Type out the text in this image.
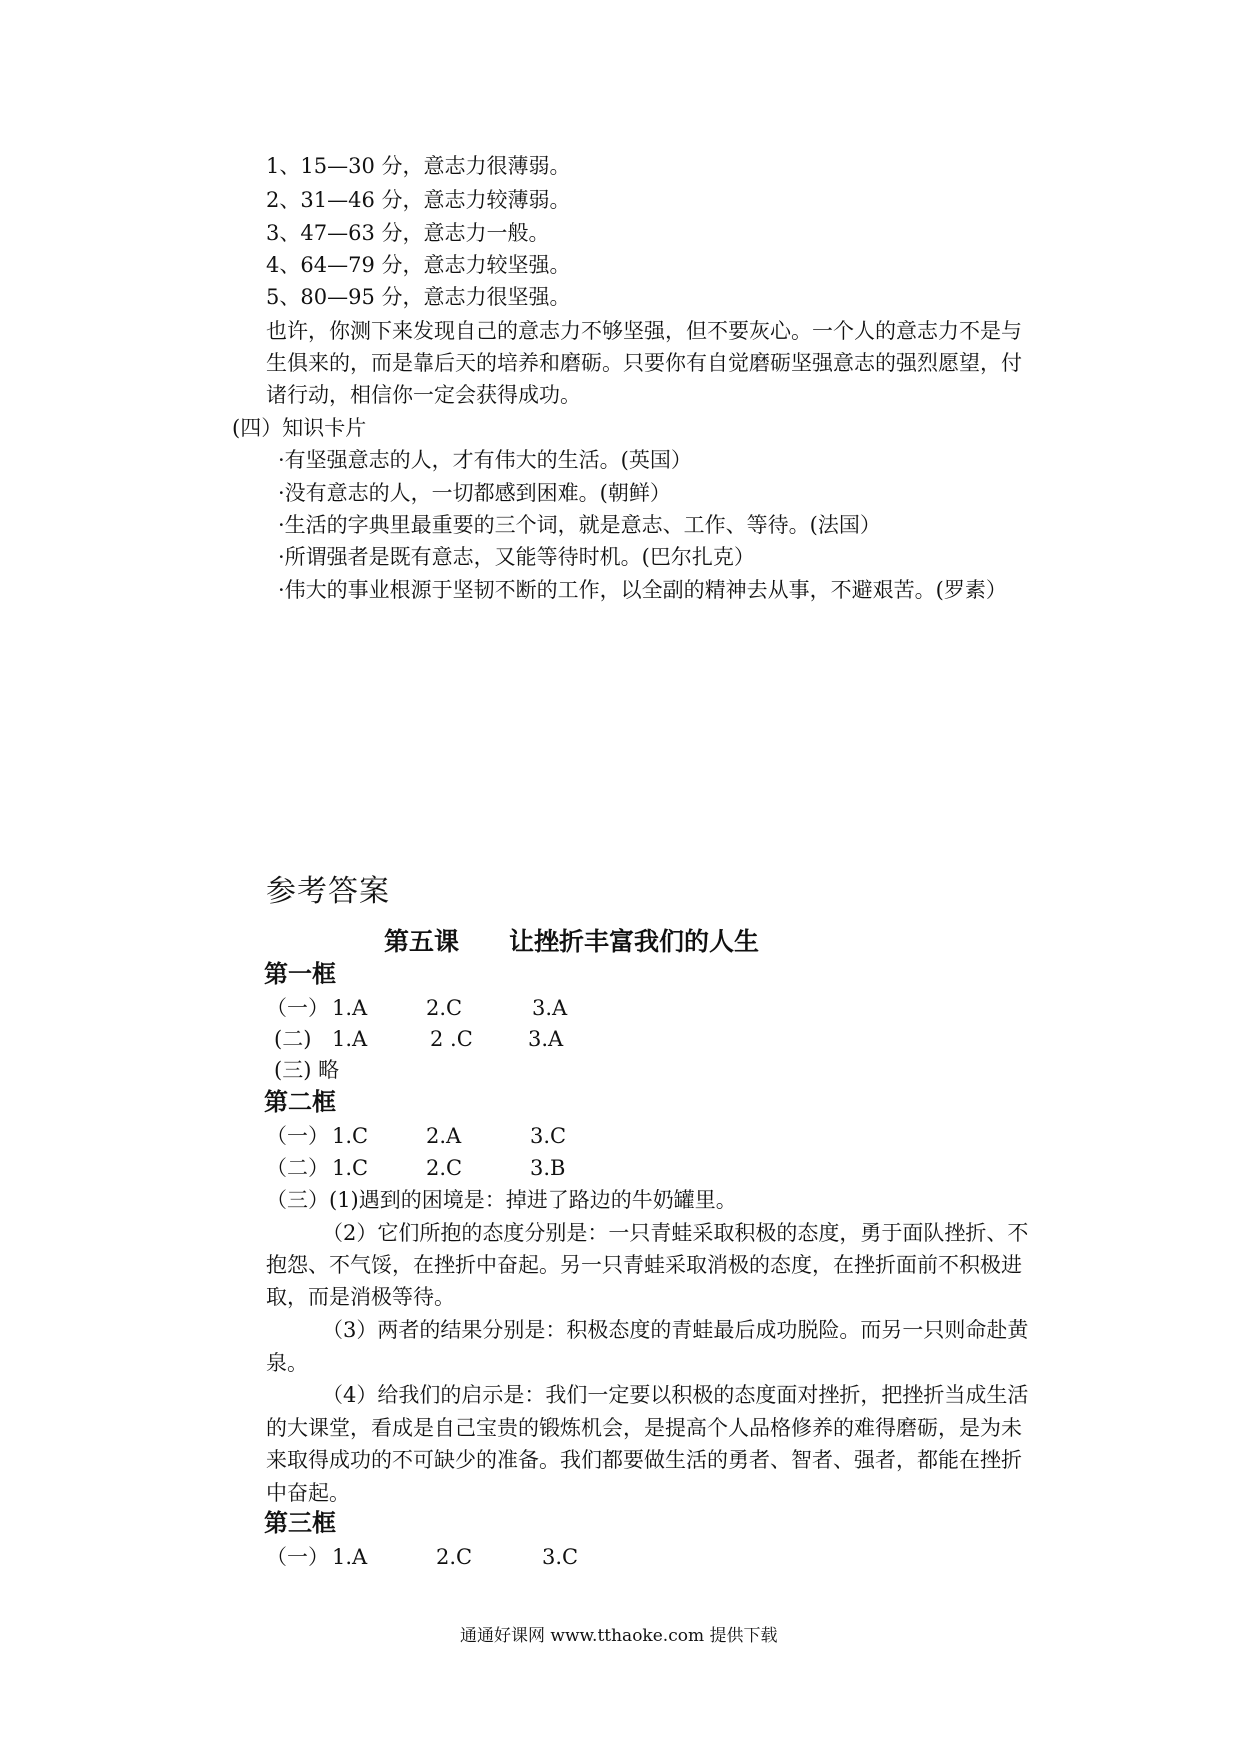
1、15—30 分，意志力很薄弱。
2、31—46 分，意志力较薄弱。
3、47—63 分，意志力一般。
4、64—79 分，意志力较坚强。
5、80—95 分，意志力很坚强。
也许，你测下来发现自己的意志力不够坚强，但不要灰心。一个人的意志力不是与
生俱来的，而是靠后天的培养和磨砺。只要你有自觉磨砺坚强意志的强烈愿望，付
诸行动，相信你一定会获得成功。
(四）知识卡片
·有坚强意志的人，才有伟大的生活。(英国）
·没有意志的人，一切都感到困难。(朝鲜）
·生活的字典里最重要的三个词，就是意志、工作、等待。(法国）
·所谓强者是既有意志，又能等待时机。(巴尔扎克）
·伟大的事业根源于坚韧不断的工作，以全副的精神去从事，不避艰苦。(罗素）
参考答案
第五课　　让挫折丰富我们的人生
第一框
（一） 1.A	2.C	3.A
(二) 1.A	2 .C	3.A
(三) 略
第二框
（一） 1.C	2.A	3.C
（二） 1.C	2.C	3.B
（三）(1)遇到的困境是：掉进了路边的牛奶罐里。
（2）它们所抱的态度分别是：一只青蛙采取积极的态度，勇于面队挫折、不
抱怨、不气馁，在挫折中奋起。另一只青蛙采取消极的态度，在挫折面前不积极进
取，而是消极等待。
（3）两者的结果分别是：积极态度的青蛙最后成功脱险。而另一只则命赴黄
泉。
（4）给我们的启示是：我们一定要以积极的态度面对挫折，把挫折当成生活
的大课堂，看成是自己宝贵的锻炼机会，是提高个人品格修养的难得磨砺，是为未
来取得成功的不可缺少的准备。我们都要做生活的勇者、智者、强者，都能在挫折
中奋起。
第三框
（一） 1.A	2.C	3.C
通通好课网 www.tthaoke.com 提供下载
